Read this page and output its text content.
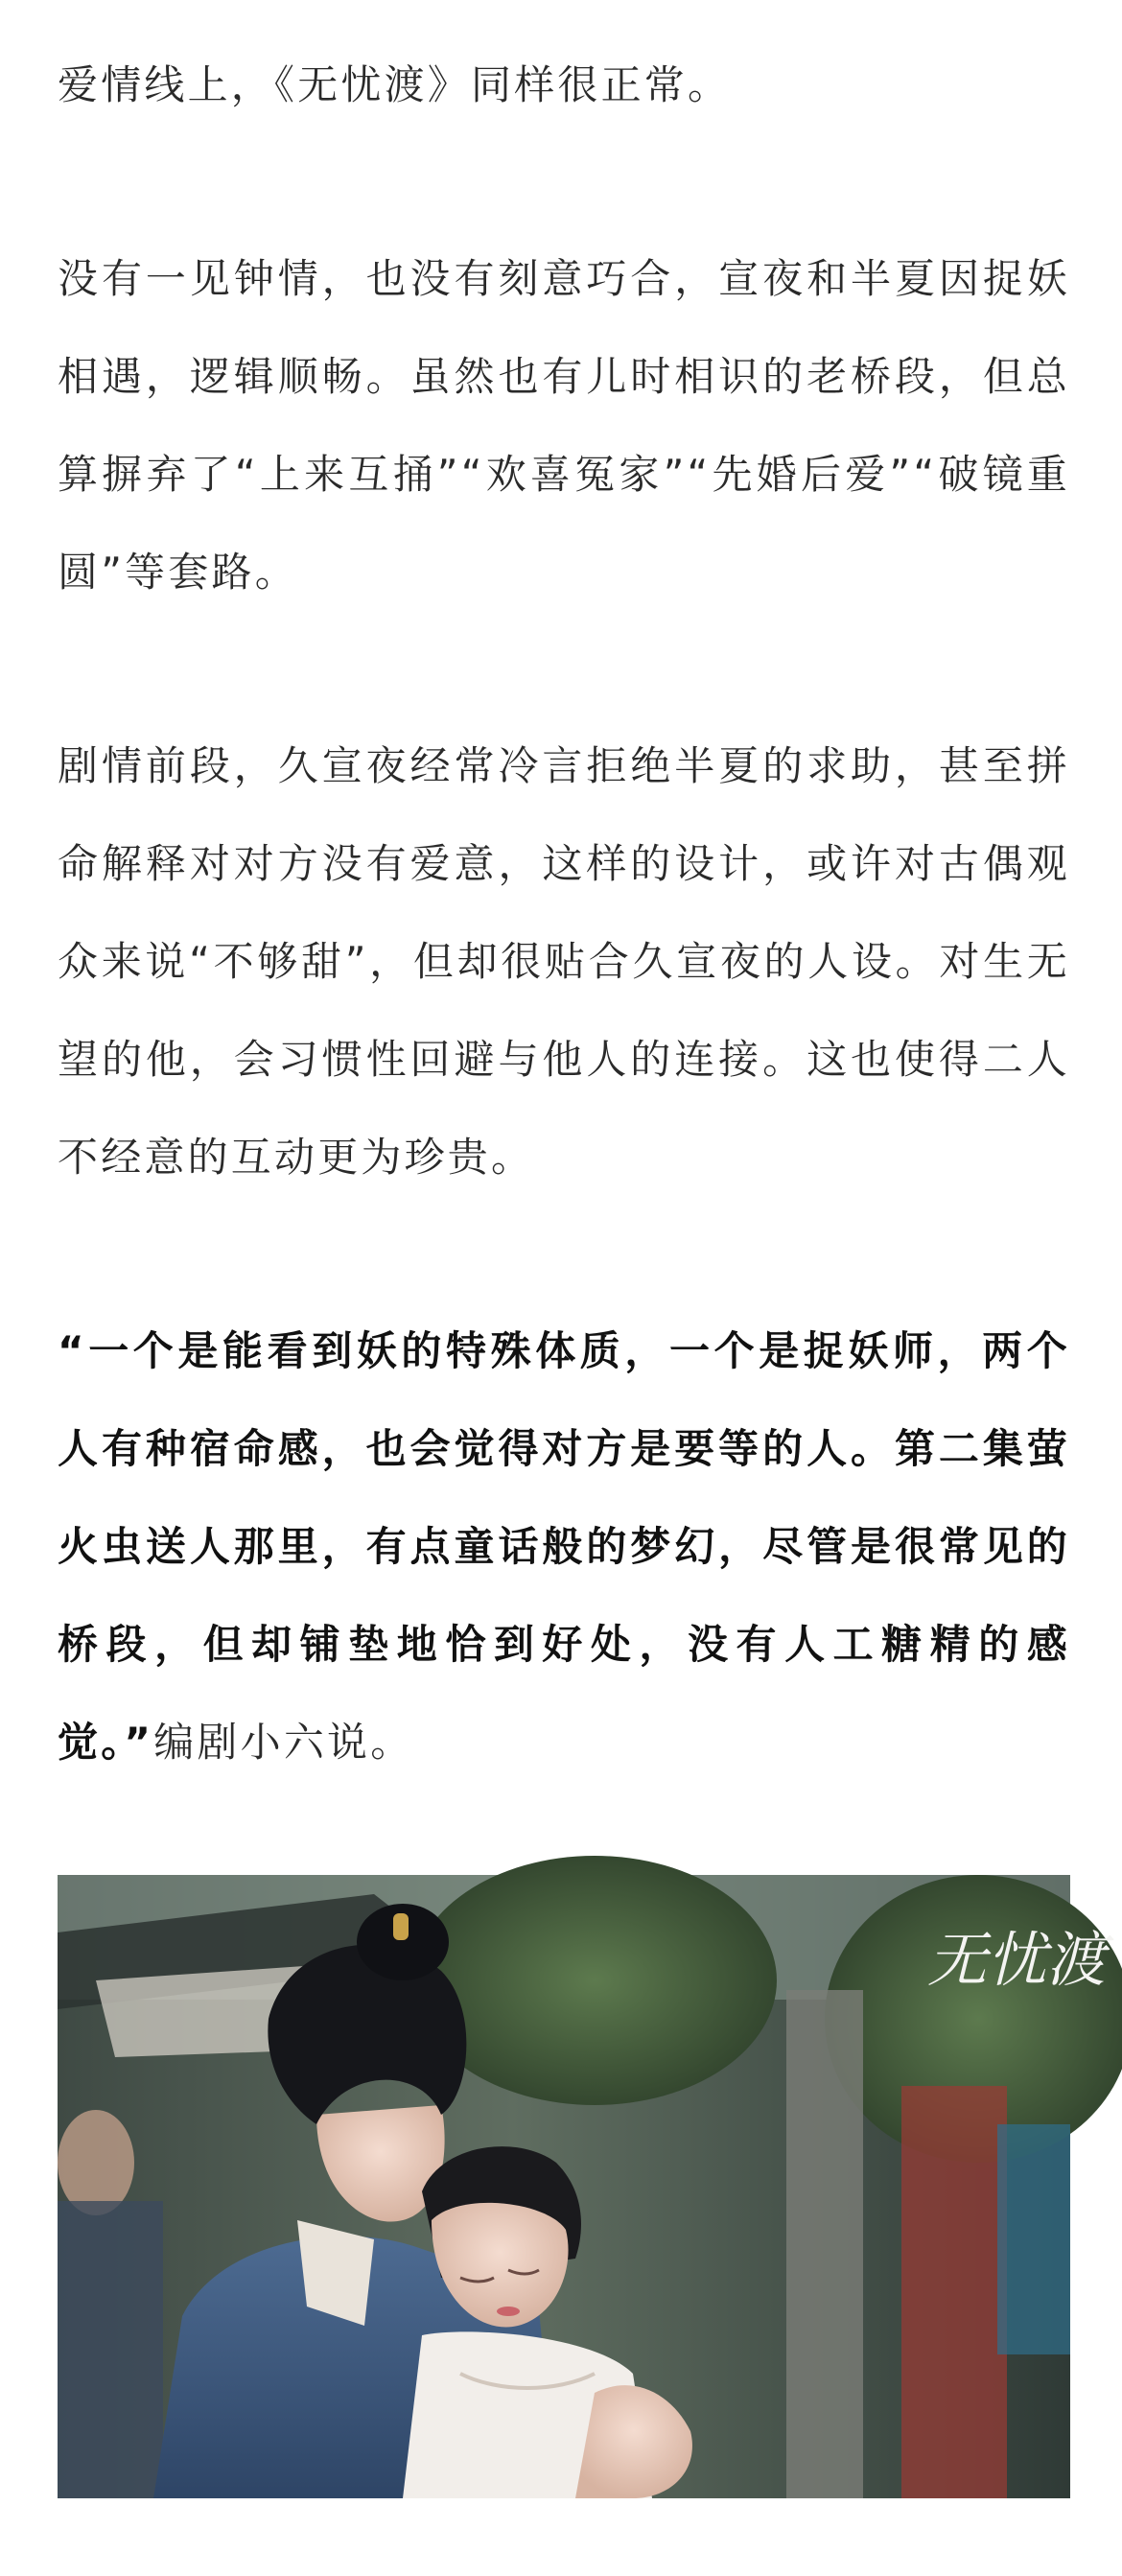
爱情线上，《无忧渡》同样很正常。

没有一见钟情，也没有刻意巧合，宣夜和半夏因捉妖相遇，逻辑顺畅。虽然也有儿时相识的老桥段，但总算摒弃了“上来互捅”“欢喜冤家”“先婚后爱”“破镜重圆”等套路。

剧情前段，久宣夜经常冷言拒绝半夏的求助，甚至拼命解释对对方没有爱意，这样的设计，或许对古偶观众来说“不够甜”，但却很贴合久宣夜的人设。对生无望的他，会习惯性回避与他人的连接。这也使得二人不经意的互动更为珍贵。

“一个是能看到妖的特殊体质，一个是捉妖师，两个人有种宿命感，也会觉得对方是要等的人。第二集萤火虫送人那里，有点童话般的梦幻，尽管是很常见的桥段，但却铺垫地恰到好处，没有人工糖精的感觉。”编剧小六说。

无忧渡
